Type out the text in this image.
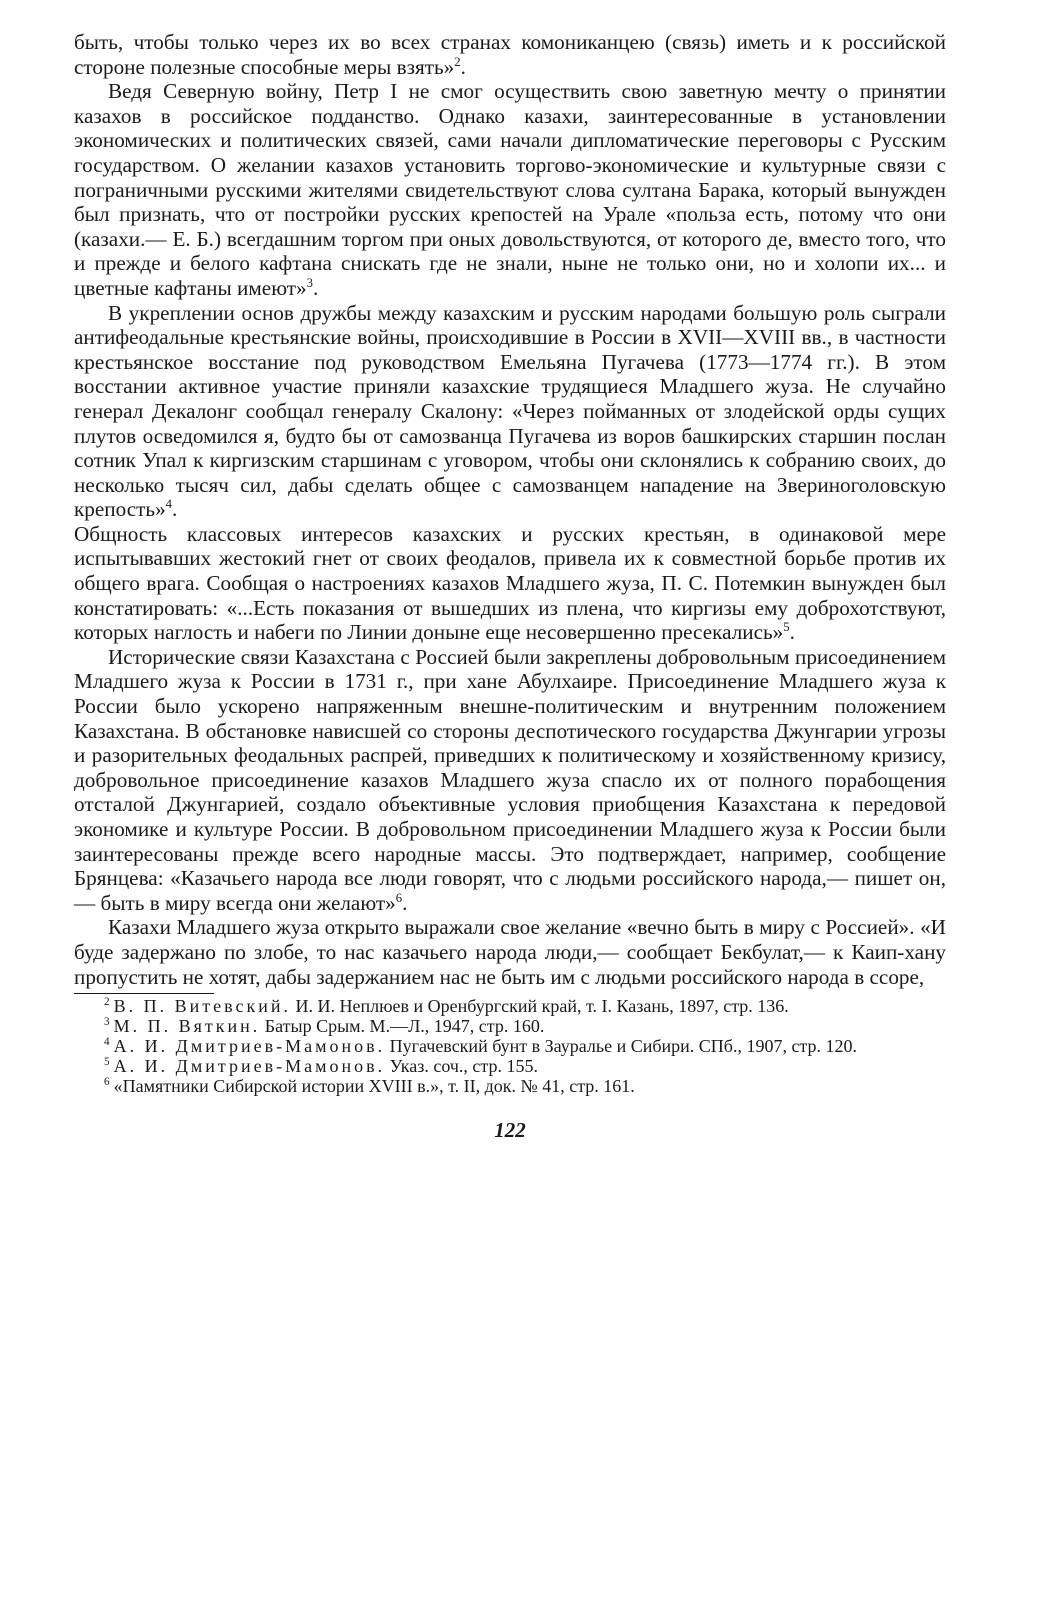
быть, чтобы только через их во всех странах комониканцею (связь) иметь и к российской стороне полезные способные меры взять»$^2$.

Ведя Северную войну, Петр I не смог осуществить свою заветную мечту о принятии казахов в российское подданство. Однако казахи, заинтересованные в установлении экономических и политических связей, сами начали дипломатические переговоры с Русским государством. О желании казахов установить торгово-экономические и культурные связи с пограничными русскими жителями свидетельствуют слова султана Барака, который вынужден был признать, что от постройки русских крепостей на Урале «польза есть, потому что они (казахи.— Е. Б.) всегдашним торгом при оных довольствуются, от которого де, вместо того, что и прежде и белого кафтана снискать где не знали, ныне не только они, но и холопи их... и цветные кафтаны имеют»$^3$.

В укреплении основ дружбы между казахским и русским народами большую роль сыграли антифеодальные крестьянские войны, происходившие в России в XVII—XVIII вв., в частности крестьянское восстание под руководством Емельяна Пугачева (1773—1774 гг.). В этом восстании активное участие приняли казахские трудящиеся Младшего жуза. Не случайно генерал Декалонг сообщал генералу Скалону: «Через пойманных от злодейской орды сущих плутов осведомился я, будто бы от самозванца Пугачева из воров башкирских старшин послан сотник Упал к киргизским старшинам с уговором, чтобы они склонялись к собранию своих, до несколько тысяч сил, дабы сделать общее с самозванцем нападение на Звериноголовскую крепость»$^4$.

Общность классовых интересов казахских и русских крестьян, в одинаковой мере испытывавших жестокий гнет от своих феодалов, привела их к совместной борьбе против их общего врага. Сообщая о настроениях казахов Младшего жуза, П. С. Потемкин вынужден был констатировать: «...Есть показания от вышедших из плена, что киргизы ему доброхотствуют, которых наглость и набеги по Линии доныне еще несовершенно пресекались»$^5$.

Исторические связи Казахстана с Россией были закреплены добровольным присоединением Младшего жуза к России в 1731 г., при хане Абулхаире. Присоединение Младшего жуза к России было ускорено напряженным внешне-политическим и внутренним положением Казахстана. В обстановке нависшей со стороны деспотического государства Джунгарии угрозы и разорительных феодальных распрей, приведших к политическому и хозяйственному кризису, добровольное присоединение казахов Младшего жуза спасло их от полного порабощения отсталой Джунгарией, создало объективные условия приобщения Казахстана к передовой экономике и культуре России. В добровольном присоединении Младшего жуза к России были заинтересованы прежде всего народные массы. Это подтверждает, например, сообщение Брянцева: «Казачьего народа все люди говорят, что с людьми российского народа,— пишет он,— быть в миру всегда они желают»$^6$.

Казахи Младшего жуза открыто выражали свое желание «вечно быть в миру с Россией». «И буде задержано по злобе, то нас казачьего народа люди,— сообщает Бекбулат,— к Каип-хану пропустить не хотят, дабы задержанием нас не быть им с людьми российского народа в ссоре,

$^2$ В. П. Витевский. И. И. Неплюев и Оренбургский край, т. I. Казань, 1897, стр. 136.

$^3$ М. П. Вяткин. Батыр Срым. М.—Л., 1947, стр. 160.

$^4$ А. И. Дмитриев-Мамонов. Пугачевский бунт в Зауралье и Сибири. СПб., 1907, стр. 120.

$^5$ А. И. Дмитриев-Мамонов. Указ. соч., стр. 155.

$^6$ «Памятники Сибирской истории XVIII в.», т. II, док. № 41, стр. 161.

122
